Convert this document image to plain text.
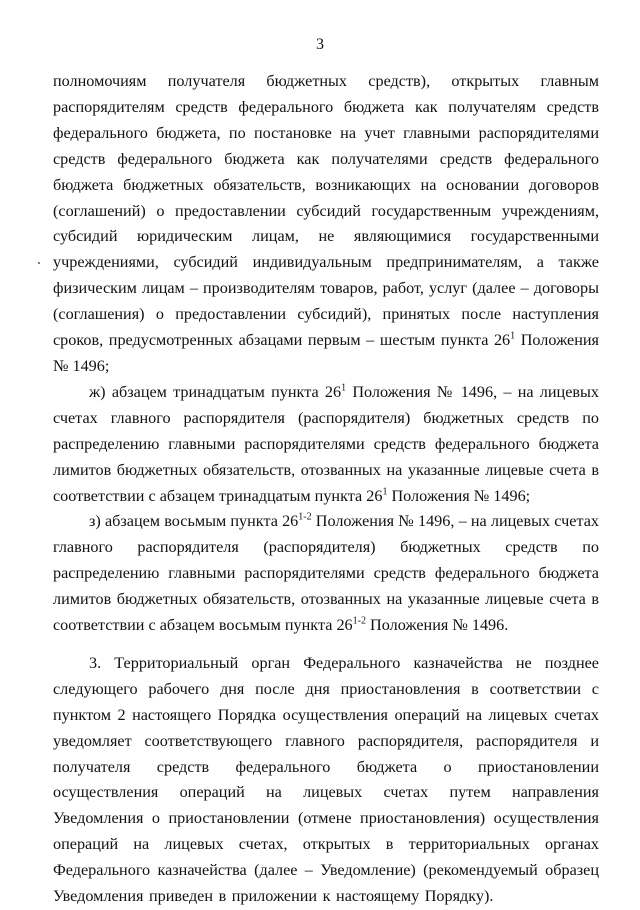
3

полномочиям получателя бюджетных средств), открытых главным распорядителям средств федерального бюджета как получателям средств федерального бюджета, по постановке на учет главными распорядителями средств федерального бюджета как получателями средств федерального бюджета бюджетных обязательств, возникающих на основании договоров (соглашений) о предоставлении субсидий государственным учреждениям, субсидий юридическим лицам, не являющимися государственными учреждениями, субсидий индивидуальным предпринимателям, а также физическим лицам – производителям товаров, работ, услуг (далее – договоры (соглашения) о предоставлении субсидий), принятых после наступления сроков, предусмотренных абзацами первым – шестым пункта $26^1$ Положения № 1496;

ж) абзацем тринадцатым пункта $26^1$ Положения № 1496, – на лицевых счетах главного распорядителя (распорядителя) бюджетных средств по распределению главными распорядителями средств федерального бюджета лимитов бюджетных обязательств, отозванных на указанные лицевые счета в соответствии с абзацем тринадцатым пункта $26^1$ Положения № 1496;

з) абзацем восьмым пункта 26$^{1-2}$ Положения № 1496, – на лицевых счетах главного распорядителя (распорядителя) бюджетных средств по распределению главными распорядителями средств федерального бюджета лимитов бюджетных обязательств, отозванных на указанные лицевые счета в соответствии с абзацем восьмым пункта 26$^{1-2}$ Положения № 1496.

3. Территориальный орган Федерального казначейства не позднее следующего рабочего дня после дня приостановления в соответствии с пунктом 2 настоящего Порядка осуществления операций на лицевых счетах уведомляет соответствующего главного распорядителя, распорядителя и получателя средств федерального бюджета о приостановлении осуществления операций на лицевых счетах путем направления Уведомления о приостановлении (отмене приостановления) осуществления операций на лицевых счетах, открытых в территориальных органах Федерального казначейства (далее – Уведомление) (рекомендуемый образец Уведомления приведен в приложении к настоящему Порядку).
